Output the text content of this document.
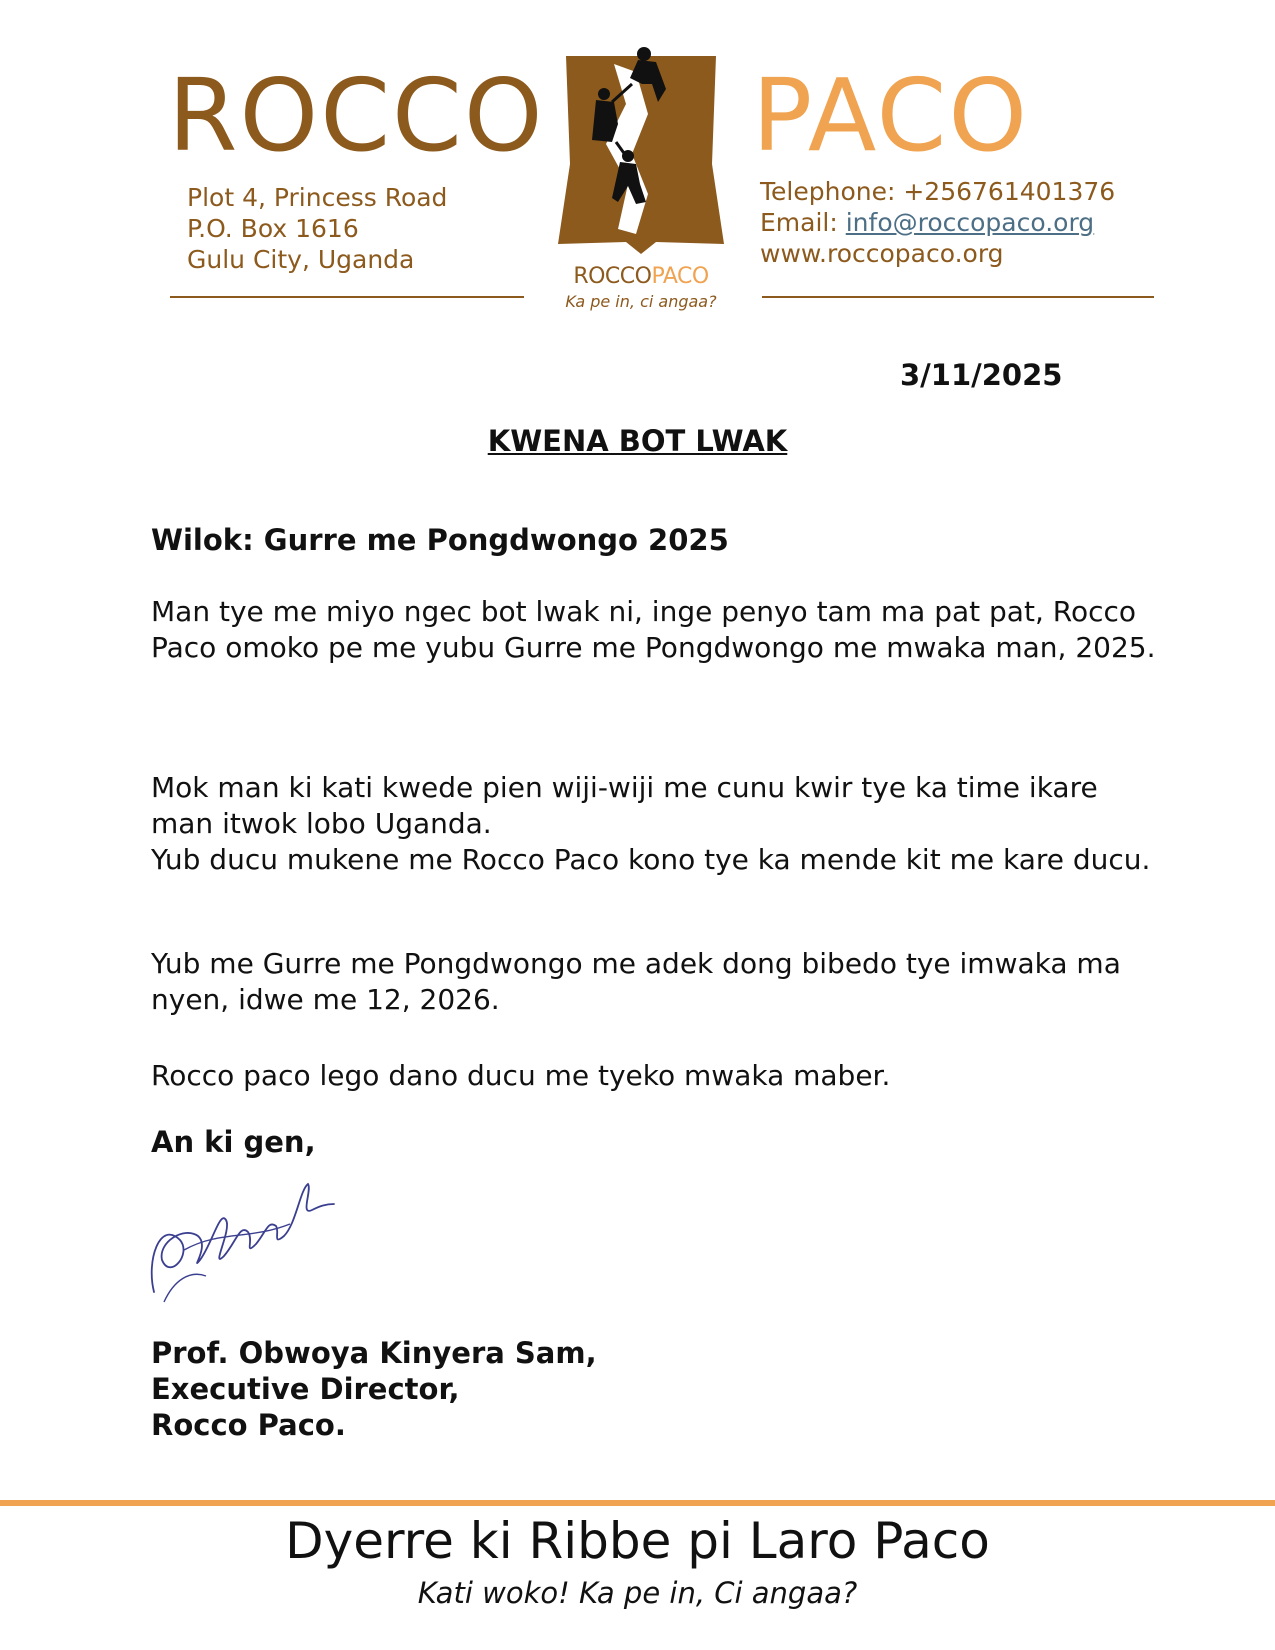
ROCCO PACO
Plot 4, Princess Road
P.O. Box 1616
Gulu City, Uganda
Telephone: +256761401376
Email: info@roccopaco.org
www.roccopaco.org
ROCCOPACO
Ka pe in, ci angaa?
3/11/2025
KWENA BOT LWAK
Wilok: Gurre me Pongdwongo 2025
Man tye me miyo ngec bot lwak ni, inge penyo tam ma pat pat, Rocco Paco omoko pe me yubu Gurre me Pongdwongo me mwaka man, 2025.
Mok man ki kati kwede pien wiji-wiji me cunu kwir tye ka time ikare man itwok lobo Uganda.
Yub ducu mukene me Rocco Paco kono tye ka mende kit me kare ducu.
Yub me Gurre me Pongdwongo me adek dong bibedo tye imwaka ma nyen, idwe me 12, 2026.
Rocco paco lego dano ducu me tyeko mwaka maber.
An ki gen,
Prof. Obwoya Kinyera Sam,
Executive Director,
Rocco Paco.
Dyerre ki Ribbe pi Laro Paco
Kati woko! Ka pe in, Ci angaa?
